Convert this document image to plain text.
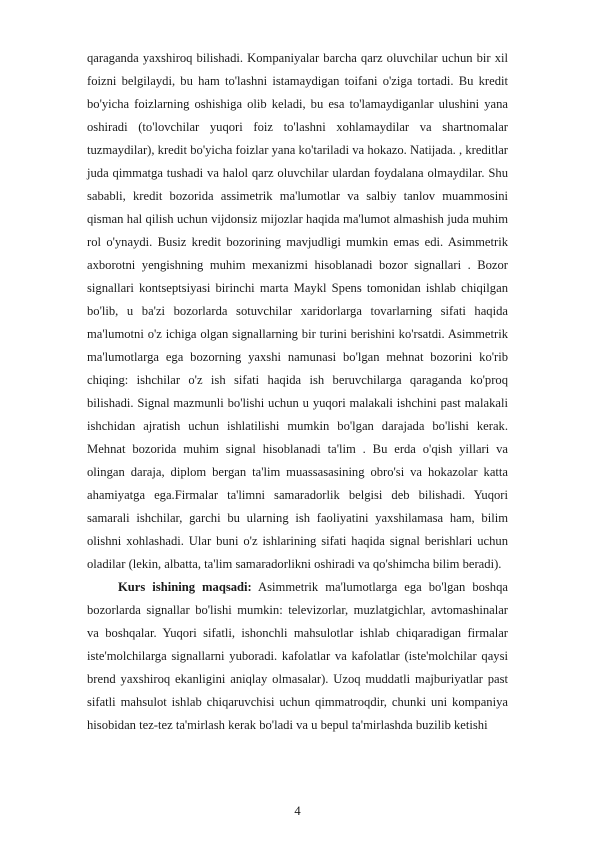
qaraganda yaxshiroq bilishadi. Kompaniyalar barcha qarz oluvchilar uchun bir xil foizni belgilaydi, bu ham to'lashni istamaydigan toifani o'ziga tortadi. Bu kredit bo'yicha foizlarning oshishiga olib keladi, bu esa to'lamaydiganlar ulushini yana oshiradi (to'lovchilar yuqori foiz to'lashni xohlamaydilar va shartnomalar tuzmaydilar), kredit bo'yicha foizlar yana ko'tariladi va hokazo. Natijada. , kreditlar juda qimmatga tushadi va halol qarz oluvchilar ulardan foydalana olmaydilar. Shu sababli, kredit bozorida assimetrik ma'lumotlar va salbiy tanlov muammosini qisman hal qilish uchun vijdonsiz mijozlar haqida ma'lumot almashish juda muhim rol o'ynaydi. Busiz kredit bozorining mavjudligi mumkin emas edi. Asimmetrik axborotni yengishning muhim mexanizmi hisoblanadi bozor signallari . Bozor signallari kontseptsiyasi birinchi marta Maykl Spens tomonidan ishlab chiqilgan bo'lib, u ba'zi bozorlarda sotuvchilar xaridorlarga tovarlarning sifati haqida ma'lumotni o'z ichiga olgan signallarning bir turini berishini ko'rsatdi. Asimmetrik ma'lumotlarga ega bozorning yaxshi namunasi bo'lgan mehnat bozorini ko'rib chiqing: ishchilar o'z ish sifati haqida ish beruvchilarga qaraganda ko'proq bilishadi. Signal mazmunli bo'lishi uchun u yuqori malakali ishchini past malakali ishchidan ajratish uchun ishlatilishi mumkin bo'lgan darajada bo'lishi kerak. Mehnat bozorida muhim signal hisoblanadi ta'lim . Bu erda o'qish yillari va olingan daraja, diplom bergan ta'lim muassasasining obro'si va hokazolar katta ahamiyatga ega.Firmalar ta'limni samaradorlik belgisi deb bilishadi. Yuqori samarali ishchilar, garchi bu ularning ish faoliyatini yaxshilamasa ham, bilim olishni xohlashadi. Ular buni o'z ishlarining sifati haqida signal berishlari uchun oladilar (lekin, albatta, ta'lim samaradorlikni oshiradi va qo'shimcha bilim beradi).

Kurs ishining maqsadi: Asimmetrik ma'lumotlarga ega bo'lgan boshqa bozorlarda signallar bo'lishi mumkin: televizorlar, muzlatgichlar, avtomashinalar va boshqalar. Yuqori sifatli, ishonchli mahsulotlar ishlab chiqaradigan firmalar iste'molchilarga signallarni yuboradi. kafolatlar va kafolatlar (iste'molchilar qaysi brend yaxshiroq ekanligini aniqlay olmasalar). Uzoq muddatli majburiyatlar past sifatli mahsulot ishlab chiqaruvchisi uchun qimmatroqdir, chunki uni kompaniya hisobidan tez-tez ta'mirlash kerak bo'ladi va u bepul ta'mirlashda buzilib ketishi

4
